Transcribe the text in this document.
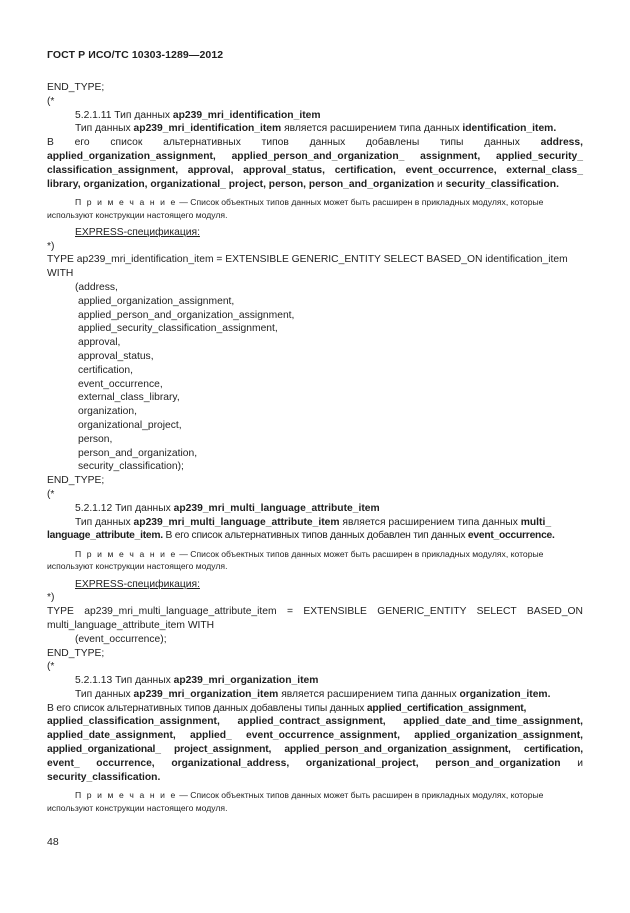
ГОСТ Р ИСО/ТС 10303-1289—2012
END_TYPE;
(*
5.2.1.11 Тип данных ap239_mri_identification_item
Тип данных ap239_mri_identification_item является расширением типа данных identification_item.
В его список альтернативных типов данных добавлены типы данных address,
applied_organization_assignment, applied_person_and_organization_ assignment, applied_security_
classification_assignment, approval, approval_status, certification, event_occurrence, external_class_
library, organization, organizational_ project, person, person_and_organization и security_classification.
П р и м е ч а н и е — Список объектных типов данных может быть расширен в прикладных модулях, которые
используют конструкции настоящего модуля.
EXPRESS-спецификация:
*)
TYPE ap239_mri_identification_item = EXTENSIBLE GENERIC_ENTITY SELECT BASED_ON identification_item
WITH
(address,
applied_organization_assignment,
applied_person_and_organization_assignment,
applied_security_classification_assignment,
approval,
approval_status,
certification,
event_occurrence,
external_class_library,
organization,
organizational_project,
person,
person_and_organization,
security_classification);
END_TYPE;
(*
5.2.1.12 Тип данных ap239_mri_multi_language_attribute_item
Тип данных ap239_mri_multi_language_attribute_item является расширением типа данных multi_
language_attribute_item. В его список альтернативных типов данных добавлен тип данных event_occurrence.
П р и м е ч а н и е — Список объектных типов данных может быть расширен в прикладных модулях, которые
используют конструкции настоящего модуля.
EXPRESS-спецификация:
*)
TYPE ap239_mri_multi_language_attribute_item = EXTENSIBLE GENERIC_ENTITY SELECT BASED_ON
multi_language_attribute_item WITH
(event_occurrence);
END_TYPE;
(*
5.2.1.13 Тип данных ap239_mri_organization_item
Тип данных ap239_mri_organization_item является расширением типа данных organization_item.
В его список альтернативных типов данных добавлены типы данных applied_certification_assignment,
applied_classification_assignment, applied_contract_assignment, applied_date_and_time_assignment,
applied_date_assignment, applied_ event_occurrence_assignment, applied_organization_assignment,
applied_organizational_ project_assignment, applied_person_and_organization_assignment, certification,
event_ occurrence, organizational_address, organizational_project, person_and_organization и
security_classification.
П р и м е ч а н и е — Список объектных типов данных может быть расширен в прикладных модулях, которые
используют конструкции настоящего модуля.
48
